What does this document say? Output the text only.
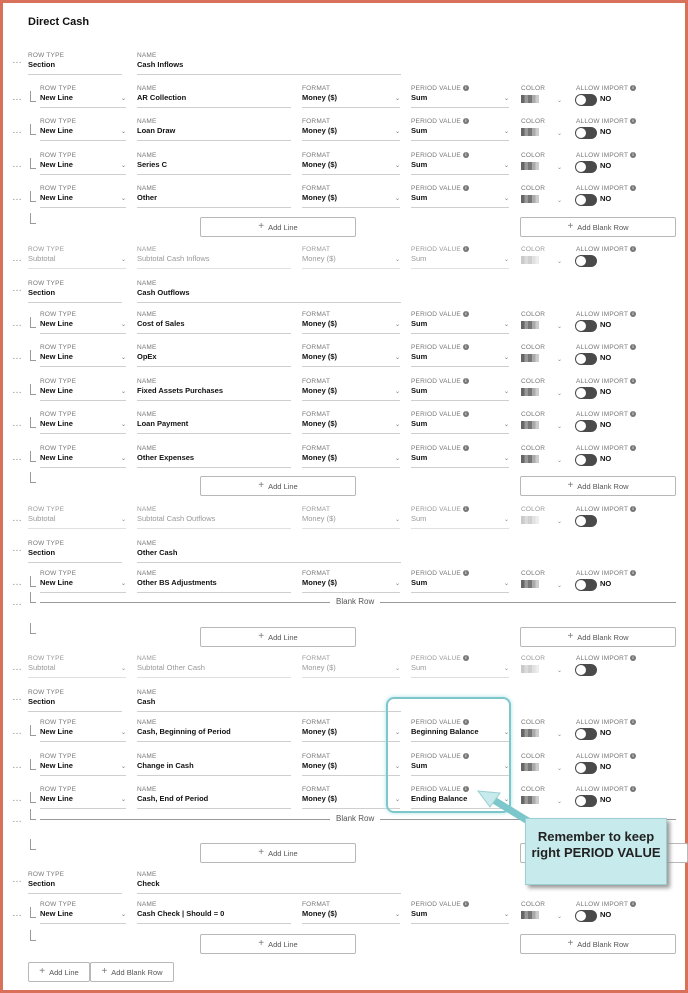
Direct Cash
… ROW TYPE
Section
NAME
Cash Inflows
…
ROW TYPE
New Line	⌄
NAME
AR Collection
FORMAT
Money ($)	⌄
PERIOD VALUE i
Sum	⌄
COLOR
⌄
ALLOW IMPORT i
NO
…
ROW TYPE
New Line	⌄
NAME
Loan Draw
FORMAT
Money ($)	⌄
PERIOD VALUE i
Sum	⌄
COLOR
⌄
ALLOW IMPORT i
NO
…
ROW TYPE
New Line	⌄
NAME
Series C
FORMAT
Money ($)	⌄
PERIOD VALUE i
Sum	⌄
COLOR
⌄
ALLOW IMPORT i
NO
…
ROW TYPE
New Line	⌄
NAME
Other
FORMAT
Money ($)	⌄
PERIOD VALUE i
Sum	⌄
COLOR
⌄
ALLOW IMPORT i
NO
+ Add Line	+ Add Blank Row
…
ROW TYPE
Subtotal	⌄
NAME
Subtotal Cash Inflows
FORMAT
Money ($)	⌄
PERIOD VALUE i
Sum	⌄
COLOR
⌄
ALLOW IMPORT i
… ROW TYPE
Section
NAME
Cash Outflows
…
ROW TYPE
New Line	⌄
NAME
Cost of Sales
FORMAT
Money ($)	⌄
PERIOD VALUE i
Sum	⌄
COLOR
⌄
ALLOW IMPORT i
NO
…
ROW TYPE
New Line	⌄
NAME
OpEx
FORMAT
Money ($)	⌄
PERIOD VALUE i
Sum	⌄
COLOR
⌄
ALLOW IMPORT i
NO
…
ROW TYPE
New Line	⌄
NAME
Fixed Assets Purchases
FORMAT
Money ($)	⌄
PERIOD VALUE i
Sum	⌄
COLOR
⌄
ALLOW IMPORT i
NO
…
ROW TYPE
New Line	⌄
NAME
Loan Payment
FORMAT
Money ($)	⌄
PERIOD VALUE i
Sum	⌄
COLOR
⌄
ALLOW IMPORT i
NO
…
ROW TYPE
New Line	⌄
NAME
Other Expenses
FORMAT
Money ($)	⌄
PERIOD VALUE i
Sum	⌄
COLOR
⌄
ALLOW IMPORT i
NO
+ Add Line	+ Add Blank Row
…
ROW TYPE
Subtotal	⌄
NAME
Subtotal Cash Outflows
FORMAT
Money ($)	⌄
PERIOD VALUE i
Sum	⌄
COLOR
⌄
ALLOW IMPORT i
… ROW TYPE
Section
NAME
Other Cash
…
ROW TYPE
New Line	⌄
NAME
Other BS Adjustments
FORMAT
Money ($)	⌄
PERIOD VALUE i
Sum	⌄
COLOR
⌄
ALLOW IMPORT i
NO
…	Blank Row
+ Add Line	+ Add Blank Row
…
ROW TYPE
Subtotal	⌄
NAME
Subtotal Other Cash
FORMAT
Money ($)	⌄
PERIOD VALUE i
Sum	⌄
COLOR
⌄
ALLOW IMPORT i
… ROW TYPE
Section
NAME
Cash
…
ROW TYPE
New Line	⌄
NAME
Cash, Beginning of Period
FORMAT
Money ($)	⌄
PERIOD VALUE i
Beginning Balance	⌄
COLOR
⌄
ALLOW IMPORT i
NO
…
ROW TYPE
New Line	⌄
NAME
Change in Cash
FORMAT
Money ($)	⌄
PERIOD VALUE i
Sum	⌄
COLOR
⌄
ALLOW IMPORT i
NO
…
ROW TYPE
New Line	⌄
NAME
Cash, End of Period
FORMAT
Money ($)	⌄
PERIOD VALUE i
Ending Balance	⌄
COLOR
⌄
ALLOW IMPORT i
NO
…	Blank Row
+ Add Line
… ROW TYPE
Section
NAME
Check
…
ROW TYPE
New Line	⌄
NAME
Cash Check | Should = 0
FORMAT
Money ($)	⌄
PERIOD VALUE i
Sum	⌄
COLOR
⌄
ALLOW IMPORT i
NO
+ Add Line	+ Add Blank Row
+ Add Line + Add Blank Row
Remember to keep right PERIOD VALUE
